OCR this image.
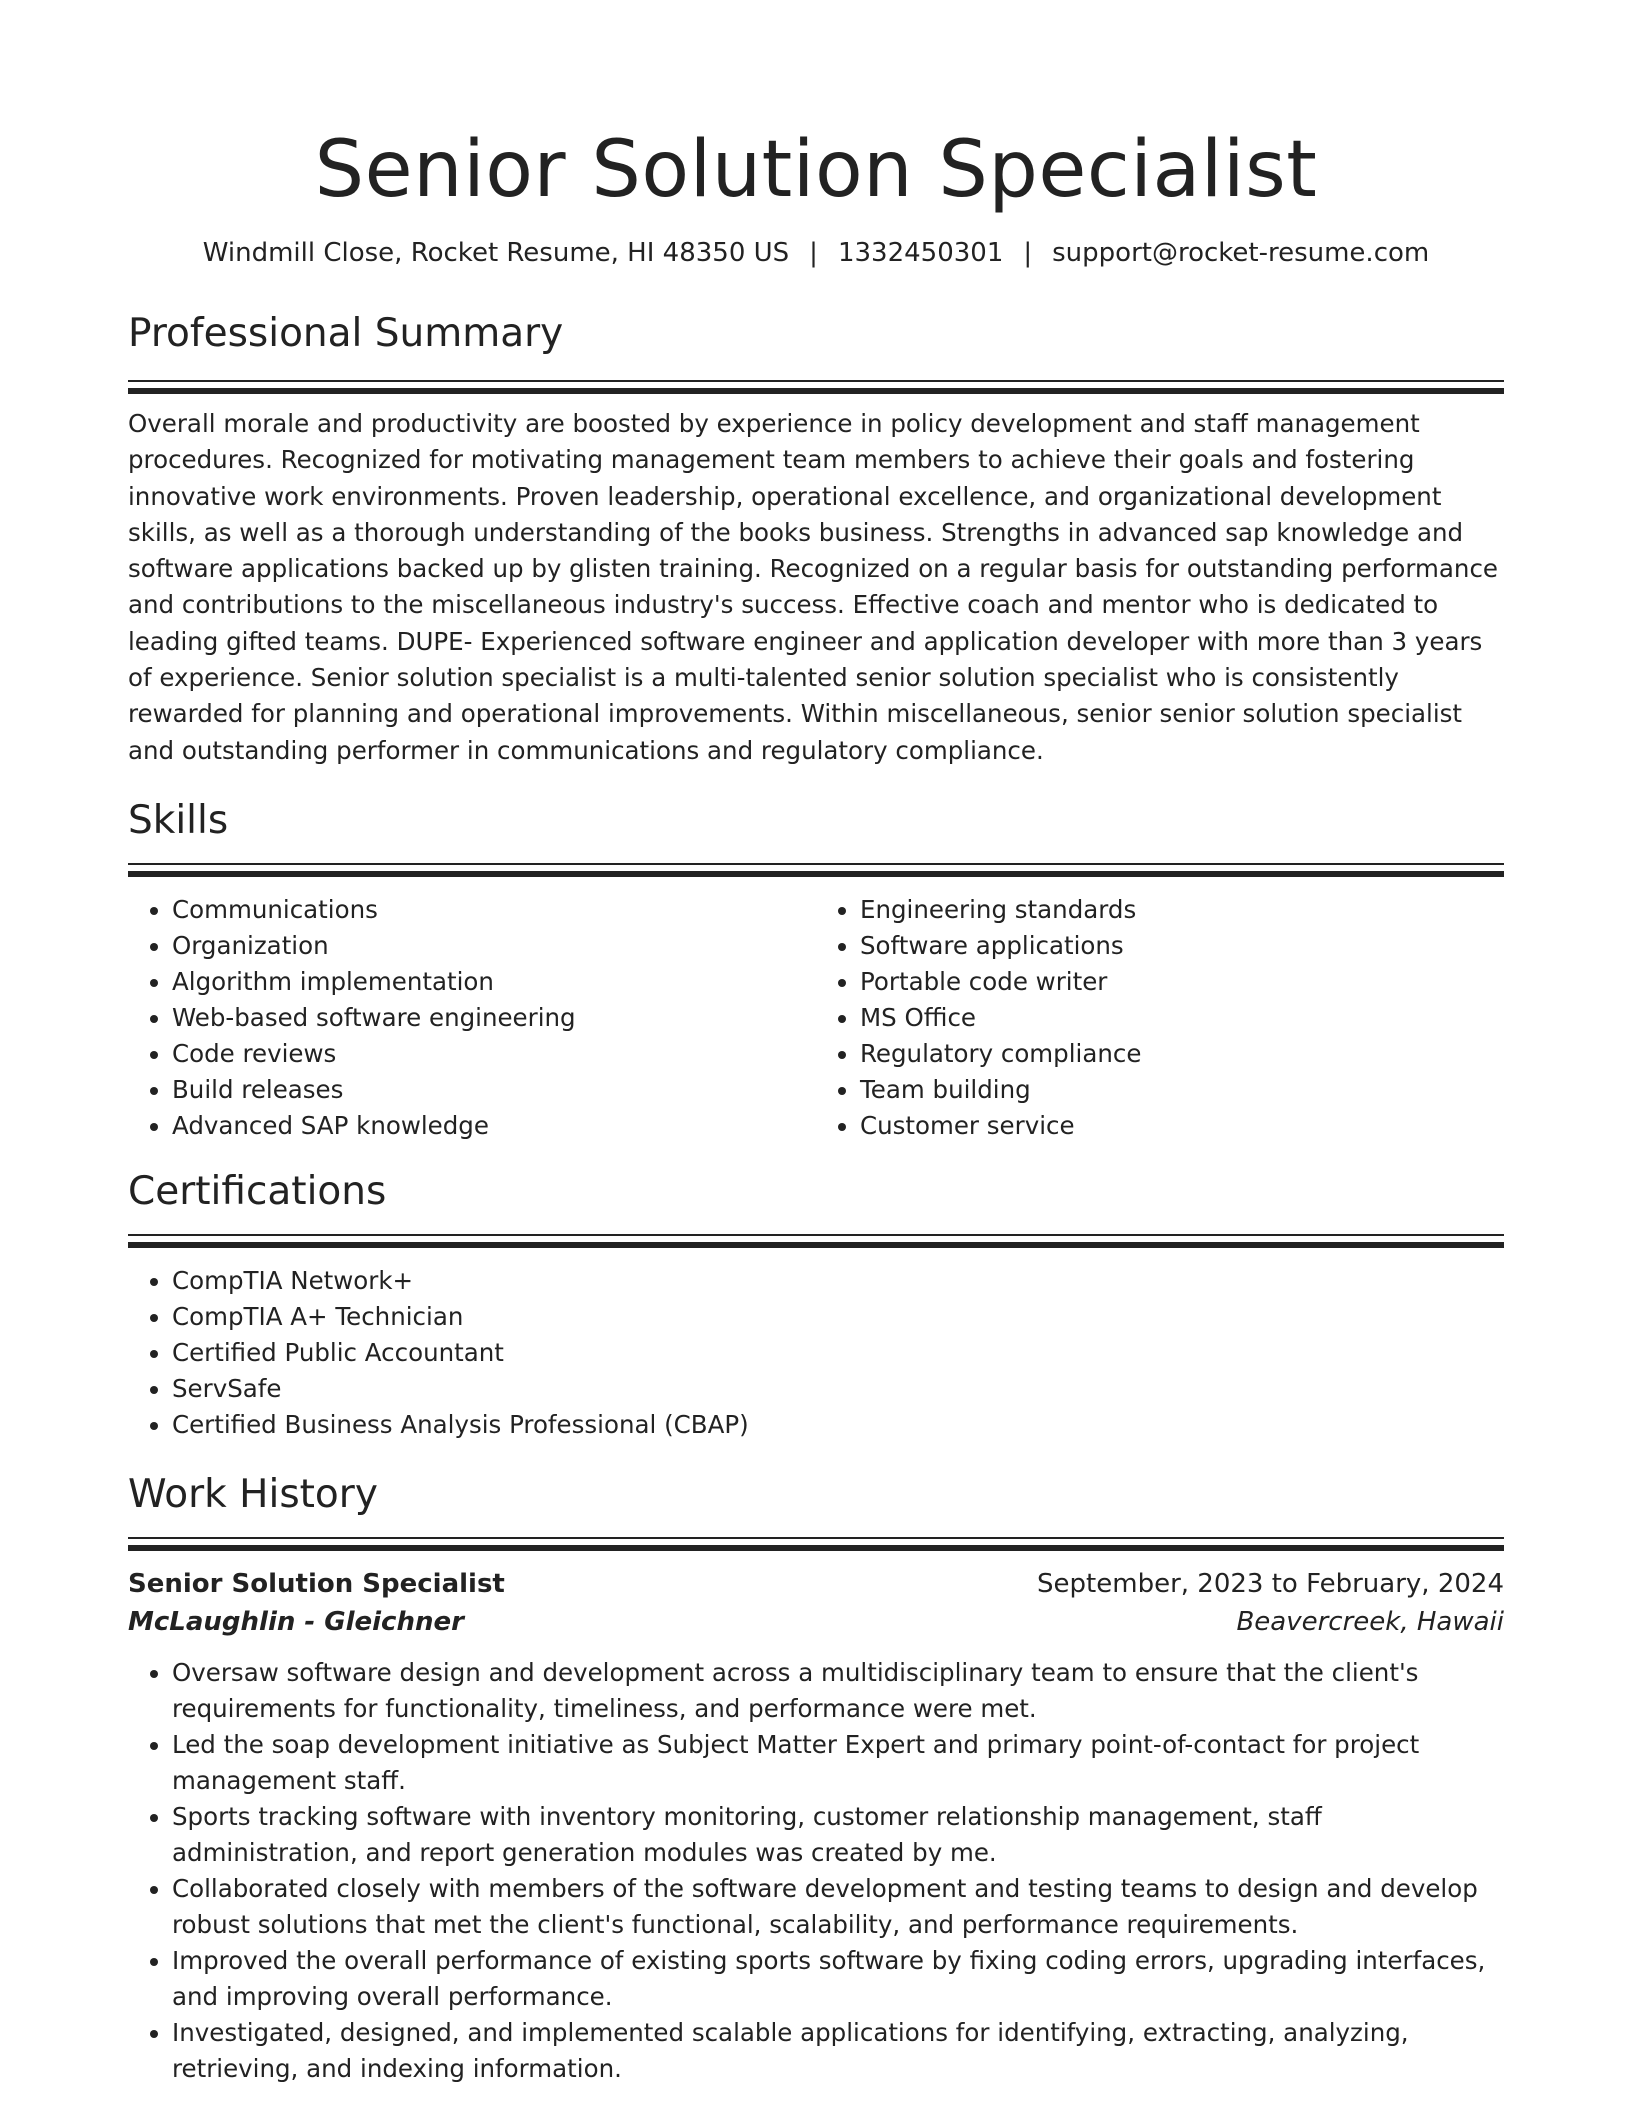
Senior Solution Specialist
Windmill Close, Rocket Resume, HI 48350 US | 1332450301 | support@rocket-resume.com
Professional Summary

Overall morale and productivity are boosted by experience in policy development and staff management procedures. Recognized for motivating management team members to achieve their goals and fostering innovative work environments. Proven leadership, operational excellence, and organizational development skills, as well as a thorough understanding of the books business. Strengths in advanced sap knowledge and software applications backed up by glisten training. Recognized on a regular basis for outstanding performance and contributions to the miscellaneous industry's success. Effective coach and mentor who is dedicated to leading gifted teams. DUPE- Experienced software engineer and application developer with more than 3 years of experience. Senior solution specialist is a multi-talented senior solution specialist who is consistently rewarded for planning and operational improvements. Within miscellaneous, senior senior solution specialist and outstanding performer in communications and regulatory compliance.

Skills
• Communications
• Organization
• Algorithm implementation
• Web-based software engineering
• Code reviews
• Build releases
• Advanced SAP knowledge
• Engineering standards
• Software applications
• Portable code writer
• MS Office
• Regulatory compliance
• Team building
• Customer service
Certifications
• CompTIA Network+
• CompTIA A+ Technician
• Certified Public Accountant
• ServSafe
• Certified Business Analysis Professional (CBAP)
Work History
Senior Solution Specialist	September, 2023 to February, 2024
McLaughlin - Gleichner	Beavercreek, Hawaii
• Oversaw software design and development across a multidisciplinary team to ensure that the client's requirements for functionality, timeliness, and performance were met.
• Led the soap development initiative as Subject Matter Expert and primary point-of-contact for project management staff.
• Sports tracking software with inventory monitoring, customer relationship management, staff administration, and report generation modules was created by me.
• Collaborated closely with members of the software development and testing teams to design and develop robust solutions that met the client's functional, scalability, and performance requirements.
• Improved the overall performance of existing sports software by fixing coding errors, upgrading interfaces, and improving overall performance.
• Investigated, designed, and implemented scalable applications for identifying, extracting, analyzing, retrieving, and indexing information.
